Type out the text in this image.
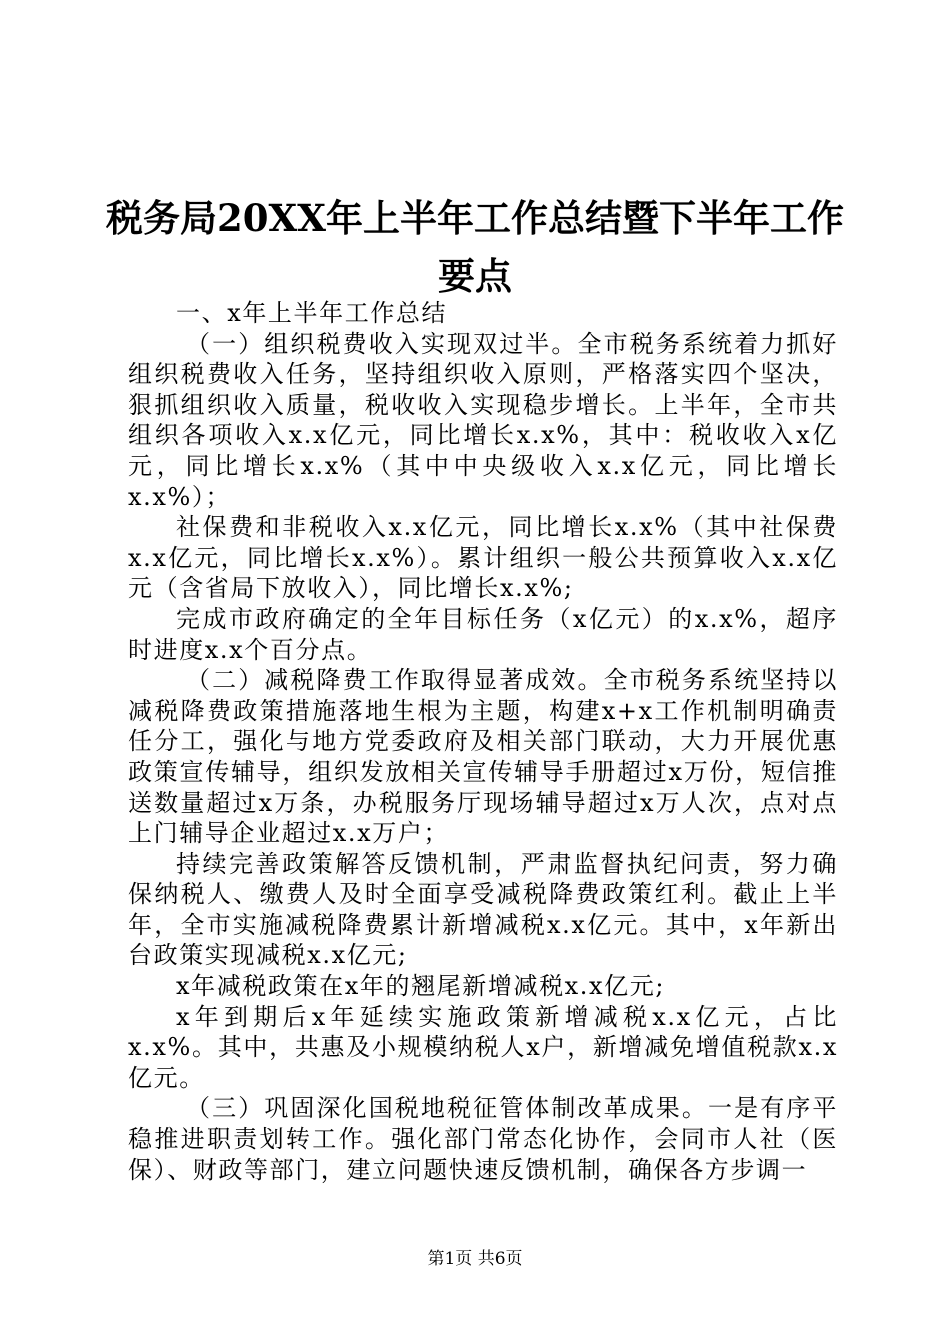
税务局20XX年上半年工作总结暨下半年工作
要点

一、x年上半年工作总结

（一）组织税费收入实现双过半。全市税务系统着力抓好组织税费收入任务，坚持组织收入原则，严格落实四个坚决，狠抓组织收入质量，税收收入实现稳步增长。上半年，全市共组织各项收入x.x亿元，同比增长x.x%，其中：税收收入x亿元，同比增长x.x%（其中中央级收入x.x亿元，同比增长x.x%）；

社保费和非税收入x.x亿元，同比增长x.x%（其中社保费x.x亿元，同比增长x.x%）。累计组织一般公共预算收入x.x亿元（含省局下放收入），同比增长x.x%;

完成市政府确定的全年目标任务（x亿元）的x.x%，超序时进度x.x个百分点。

（二）减税降费工作取得显著成效。全市税务系统坚持以减税降费政策措施落地生根为主题，构建x+x工作机制明确责任分工，强化与地方党委政府及相关部门联动，大力开展优惠政策宣传辅导，组织发放相关宣传辅导手册超过x万份，短信推送数量超过x万条，办税服务厅现场辅导超过x万人次，点对点上门辅导企业超过x.x万户；

持续完善政策解答反馈机制，严肃监督执纪问责，努力确保纳税人、缴费人及时全面享受减税降费政策红利。截止上半年，全市实施减税降费累计新增减税x.x亿元。其中，x年新出台政策实现减税x.x亿元;

x年减税政策在x年的翘尾新增减税x.x亿元;

x年到期后x年延续实施政策新增减税x.x亿元，占比x.x%。其中，共惠及小规模纳税人x户，新增减免增值税款x.x亿元。

（三）巩固深化国税地税征管体制改革成果。一是有序平稳推进职责划转工作。强化部门常态化协作，会同市人社（医保）、财政等部门，建立问题快速反馈机制，确保各方步调一

第1页 共6页
